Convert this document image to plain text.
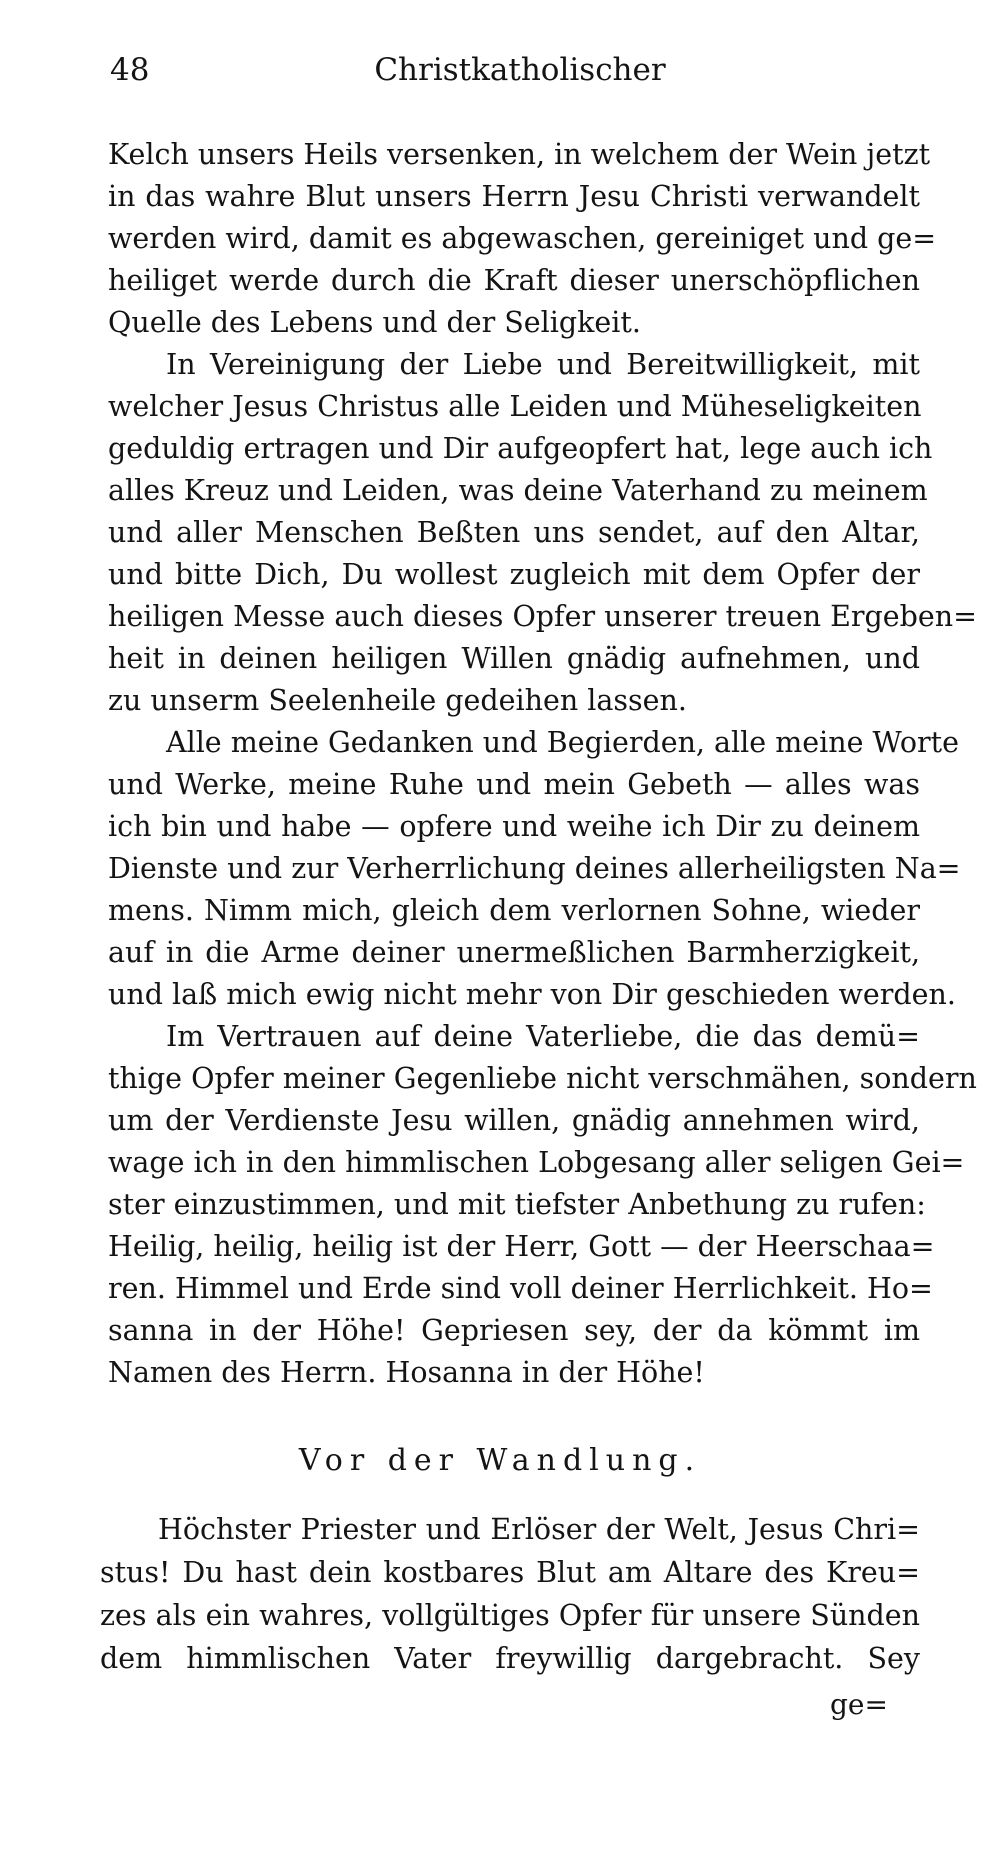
48	Christkatholischer
Kelch unsers Heils versenken, in welchem der Wein jetzt
in das wahre Blut unsers Herrn Jesu Christi verwandelt
werden wird, damit es abgewaschen, gereiniget und ge=
heiliget werde durch die Kraft dieser unerschöpflichen
Quelle des Lebens und der Seligkeit.
In Vereinigung der Liebe und Bereitwilligkeit, mit
welcher Jesus Christus alle Leiden und Müheseligkeiten
geduldig ertragen und Dir aufgeopfert hat, lege auch ich
alles Kreuz und Leiden, was deine Vaterhand zu meinem
und aller Menschen Beßten uns sendet, auf den Altar,
und bitte Dich, Du wollest zugleich mit dem Opfer der
heiligen Messe auch dieses Opfer unserer treuen Ergeben=
heit in deinen heiligen Willen gnädig aufnehmen, und
zu unserm Seelenheile gedeihen lassen.
Alle meine Gedanken und Begierden, alle meine Worte
und Werke, meine Ruhe und mein Gebeth — alles was
ich bin und habe — opfere und weihe ich Dir zu deinem
Dienste und zur Verherrlichung deines allerheiligsten Na=
mens. Nimm mich, gleich dem verlornen Sohne, wieder
auf in die Arme deiner unermeßlichen Barmherzigkeit,
und laß mich ewig nicht mehr von Dir geschieden werden.
Im Vertrauen auf deine Vaterliebe, die das demü=
thige Opfer meiner Gegenliebe nicht verschmähen, sondern
um der Verdienste Jesu willen, gnädig annehmen wird,
wage ich in den himmlischen Lobgesang aller seligen Gei=
ster einzustimmen, und mit tiefster Anbethung zu rufen:
Heilig, heilig, heilig ist der Herr, Gott — der Heerschaa=
ren. Himmel und Erde sind voll deiner Herrlichkeit. Ho=
sanna in der Höhe! Gepriesen sey, der da kömmt im
Namen des Herrn. Hosanna in der Höhe!
Vor der Wandlung.
Höchster Priester und Erlöser der Welt, Jesus Chri=
stus! Du hast dein kostbares Blut am Altare des Kreu=
zes als ein wahres, vollgültiges Opfer für unsere Sünden
dem himmlischen Vater freywillig dargebracht. Sey
ge=
